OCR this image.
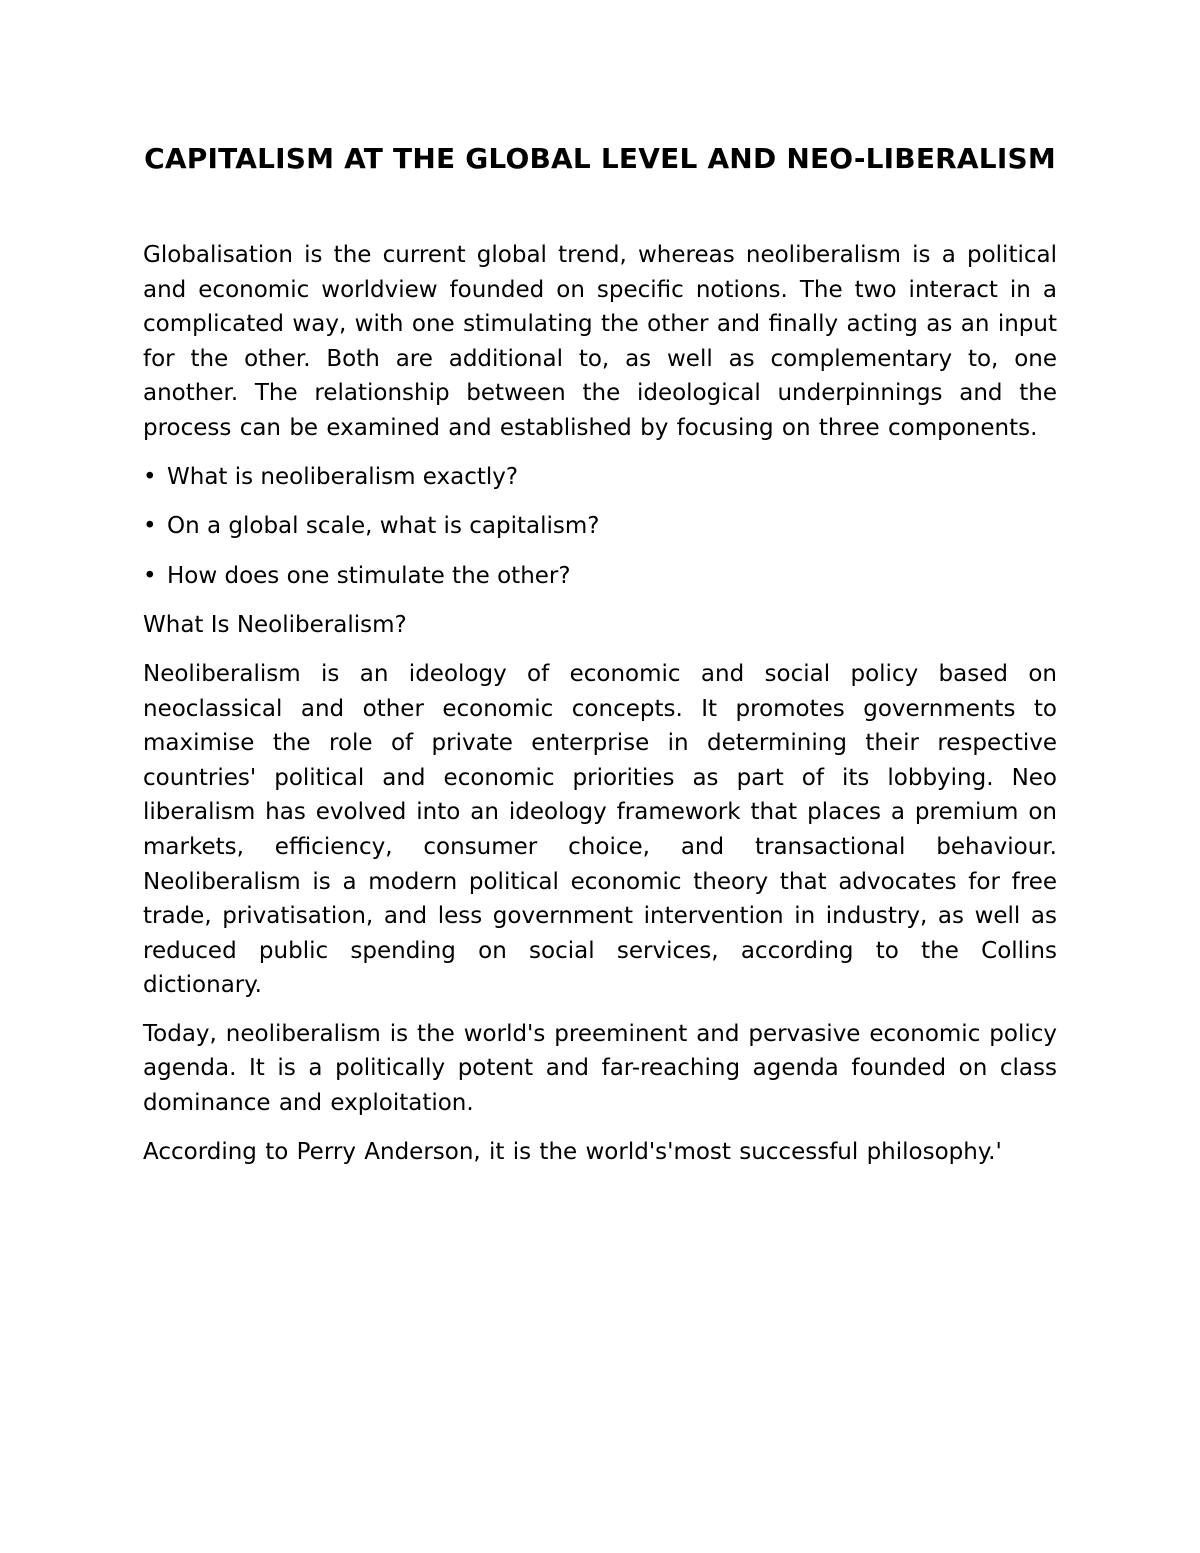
CAPITALISM AT THE GLOBAL LEVEL AND NEO-LIBERALISM

Globalisation is the current global trend, whereas neoliberalism is a political and economic worldview founded on specific notions. The two interact in a complicated way, with one stimulating the other and finally acting as an input for the other. Both are additional to, as well as complementary to, one another. The relationship between the ideological underpinnings and the process can be examined and established by focusing on three components.

• What is neoliberalism exactly?
• On a global scale, what is capitalism?
• How does one stimulate the other?

What Is Neoliberalism?

Neoliberalism is an ideology of economic and social policy based on neoclassical and other economic concepts. It promotes governments to maximise the role of private enterprise in determining their respective countries' political and economic priorities as part of its lobbying. Neo liberalism has evolved into an ideology framework that places a premium on markets, efficiency, consumer choice, and transactional behaviour. Neoliberalism is a modern political economic theory that advocates for free trade, privatisation, and less government intervention in industry, as well as reduced public spending on social services, according to the Collins dictionary.

Today, neoliberalism is the world's preeminent and pervasive economic policy agenda. It is a politically potent and far-reaching agenda founded on class dominance and exploitation.

According to Perry Anderson, it is the world's'most successful philosophy.'
